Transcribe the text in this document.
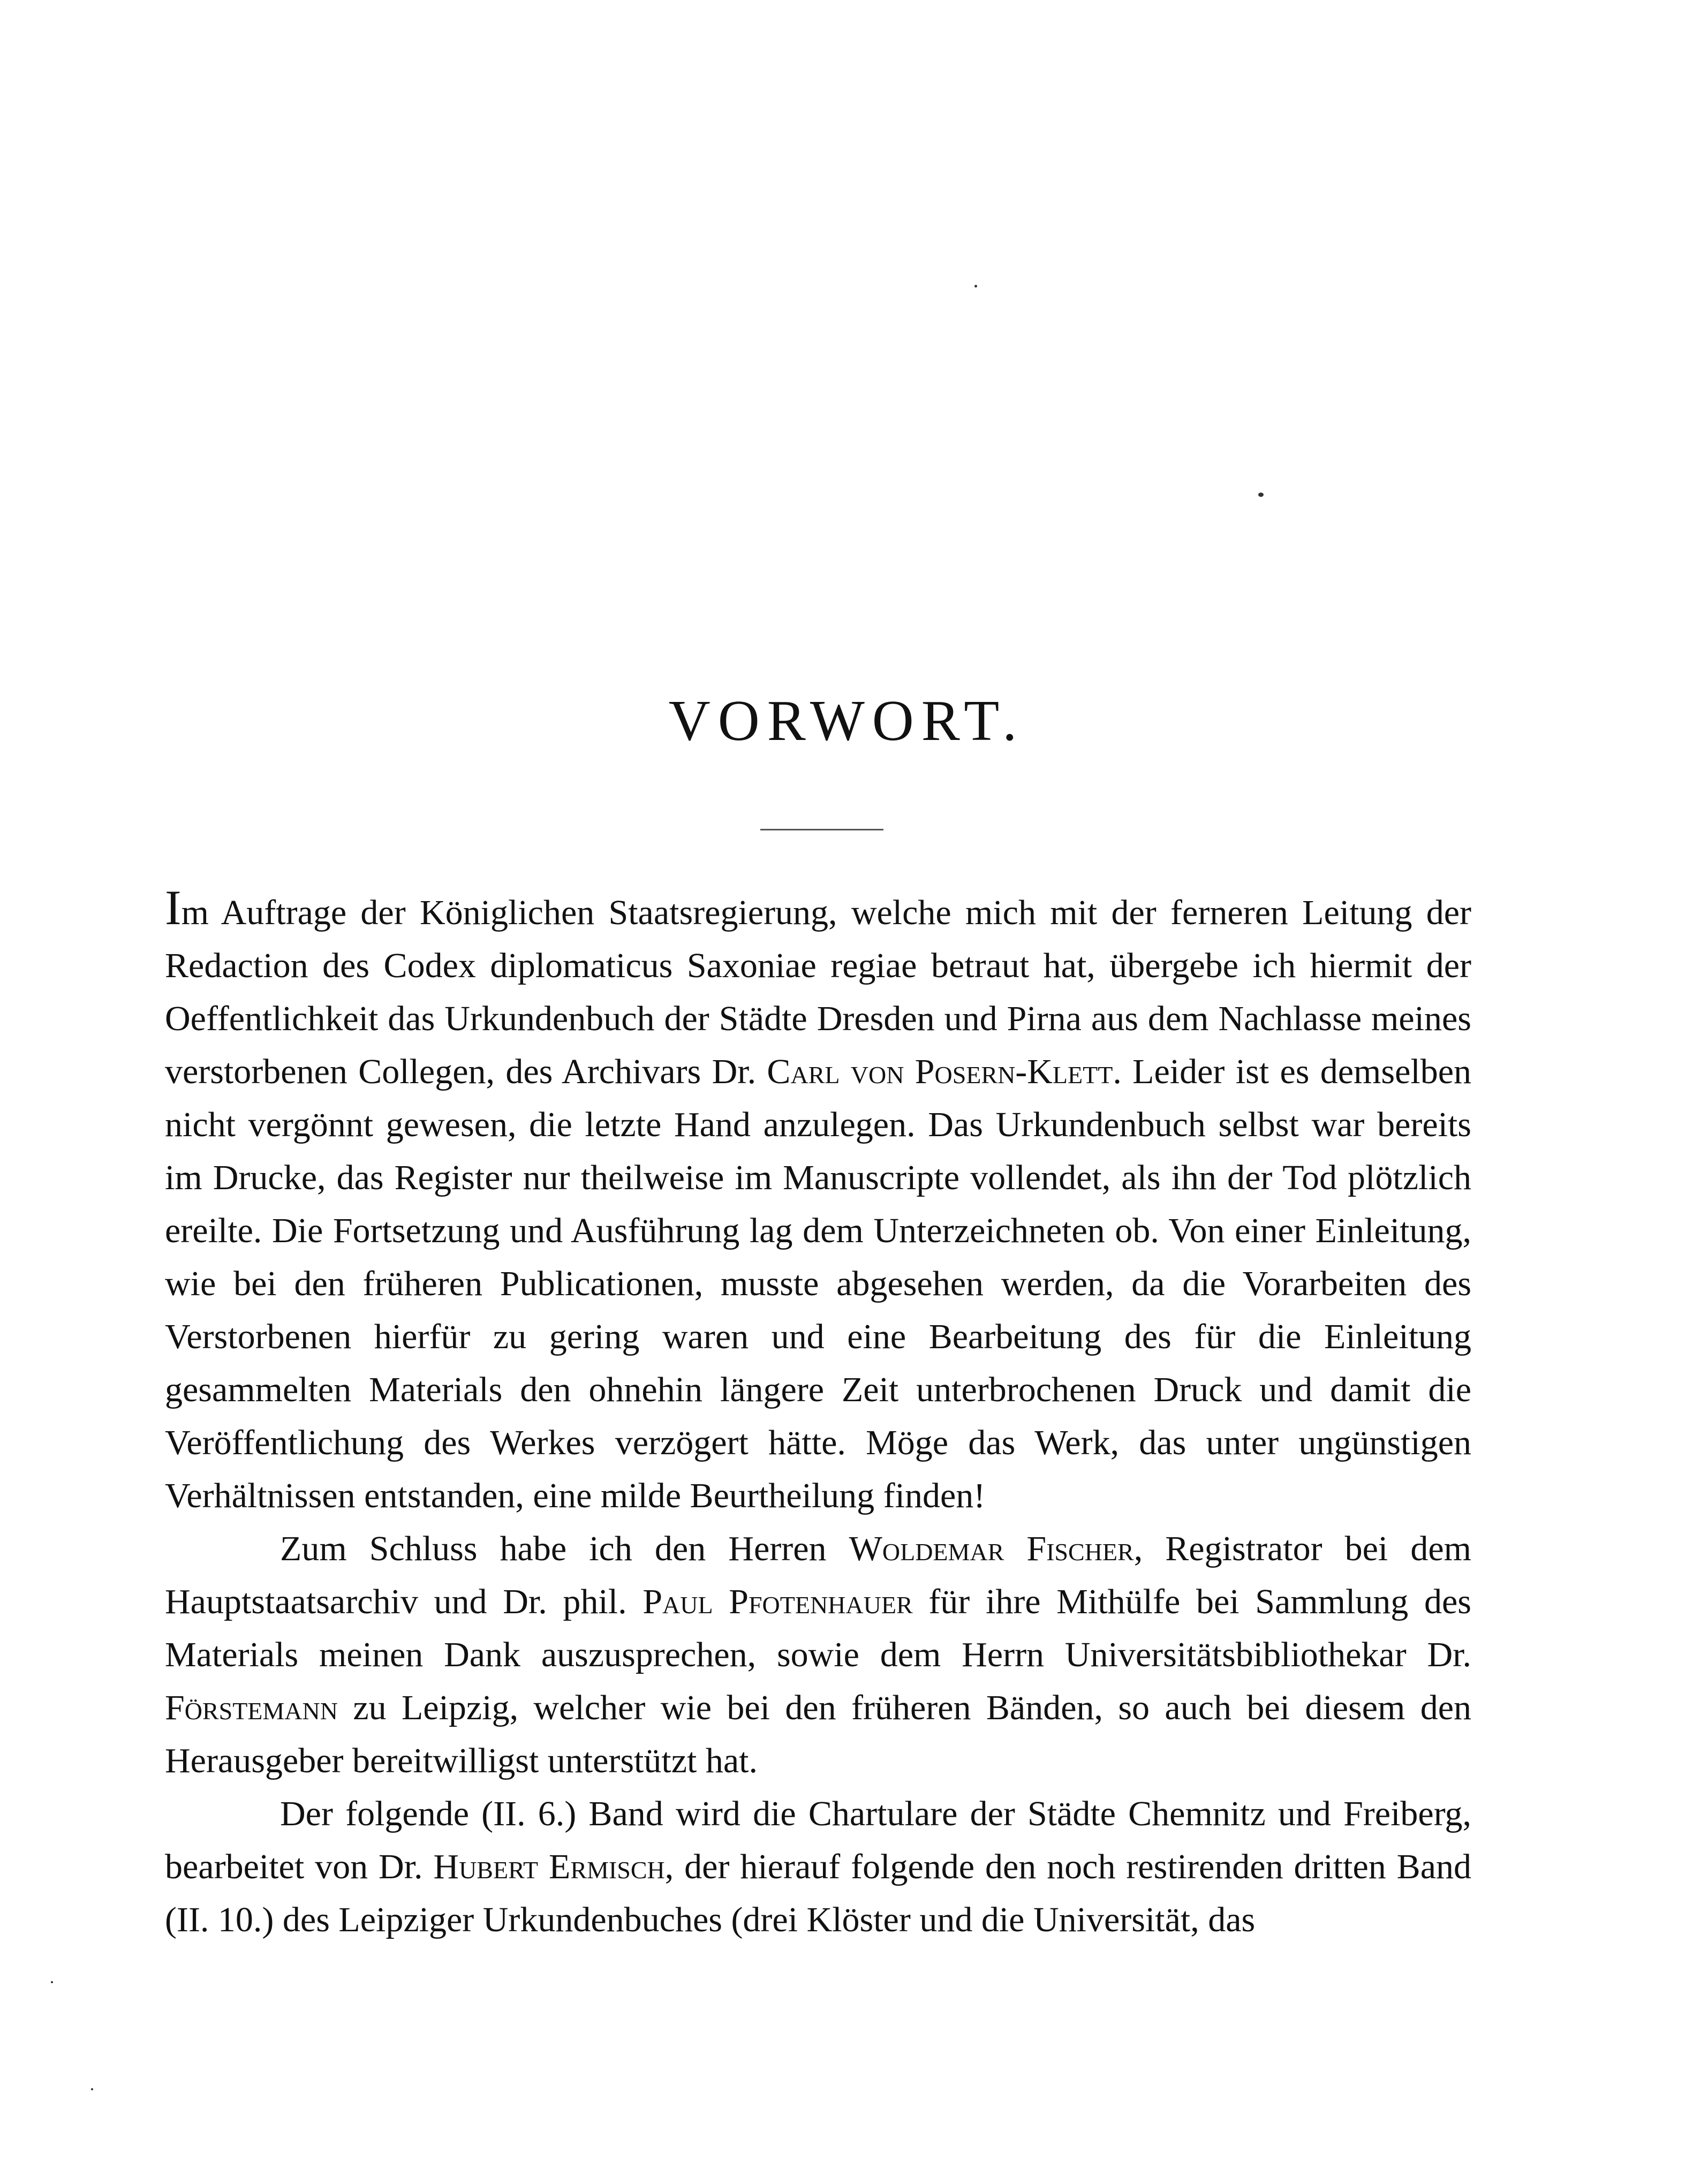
VORWORT.

Im Auftrage der Königlichen Staatsregierung, welche mich mit der ferneren Leitung der Redaction des Codex diplomaticus Saxoniae regiae betraut hat, übergebe ich hiermit der Oeffentlichkeit das Urkundenbuch der Städte Dresden und Pirna aus dem Nachlasse meines verstorbenen Collegen, des Archivars Dr. Carl von Posern-Klett. Leider ist es demselben nicht vergönnt gewesen, die letzte Hand anzulegen. Das Urkundenbuch selbst war bereits im Drucke, das Register nur theilweise im Manuscripte vollendet, als ihn der Tod plötzlich ereilte. Die Fortsetzung und Ausführung lag dem Unterzeichneten ob. Von einer Einleitung, wie bei den früheren Publicationen, musste abgesehen werden, da die Vorarbeiten des Verstorbenen hierfür zu gering waren und eine Bearbeitung des für die Einleitung gesammelten Materials den ohnehin längere Zeit unterbrochenen Druck und damit die Veröffentlichung des Werkes verzögert hätte. Möge das Werk, das unter ungünstigen Verhältnissen entstanden, eine milde Beurtheilung finden!

Zum Schluss habe ich den Herren Woldemar Fischer, Registrator bei dem Hauptstaatsarchiv und Dr. phil. Paul Pfotenhauer für ihre Mithülfe bei Sammlung des Materials meinen Dank auszusprechen, sowie dem Herrn Universitätsbibliothekar Dr. Förstemann zu Leipzig, welcher wie bei den früheren Bänden, so auch bei diesem den Herausgeber bereitwilligst unterstützt hat.

Der folgende (II. 6.) Band wird die Chartulare der Städte Chemnitz und Freiberg, bearbeitet von Dr. Hubert Ermisch, der hierauf folgende den noch restirenden dritten Band (II. 10.) des Leipziger Urkundenbuches (drei Klöster und die Universität, das
